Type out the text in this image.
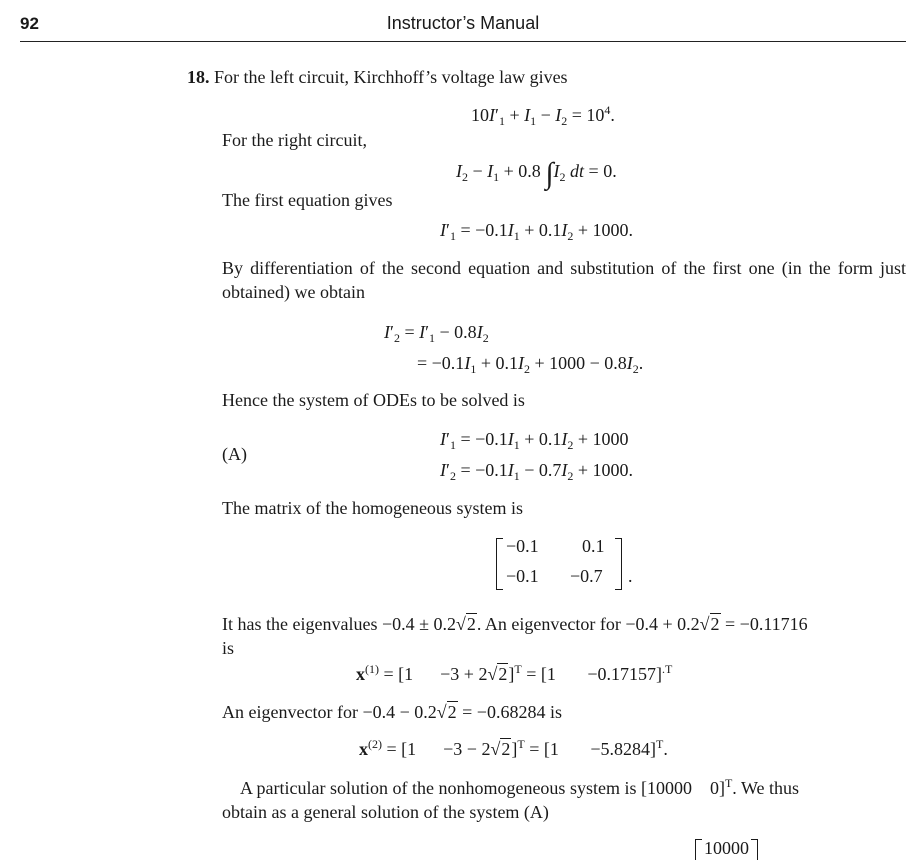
92	Instructor’s Manual
18. For the left circuit, Kirchhoff’s voltage law gives
$10I'_1 + I_1 - I_2 = 10^4$.
For the right circuit,
$I_2 - I_1 + 0.8$ $\int I_2$ dt = 0.
The first equation gives
$I'_1 = -0.1I_1 + 0.1I_2 + 1000$.
By differentiation of the second equation and substitution of the first one (in the form just obtained) we obtain
$I'_2 = I'_1 - 0.8I_2$
= $-0.1I_1 + 0.1I_2 + 1000 - 0.8I_2$.
Hence the system of ODEs to be solved is
(A)
$I'_1 = -0.1I_1 + 0.1I_2 + 1000$
$I'_2 = -0.1I_1 - 0.7I_2 + 1000$.
The matrix of the homogeneous system is
−0.1 0.1
−0.1 −0.7 .
It has the eigenvalues −0.4 ± 0.2√2. An eigenvector for −0.4 + 0.2√2 = −0.11716
is
$x^{(1)} = [1$      −3 + 2√2]$^T$ = [1       −0.17157]$^{.T}$
An eigenvector for −0.4 − 0.2√2 = −0.68284 is
$x^{(2)} = [1$      −3 − 2√2]$^T$ = [1       −5.8284]$^T$.
A particular solution of the nonhomogeneous system is [10000 0]$^T$. We thus
obtain as a general solution of the system (A)
10000
